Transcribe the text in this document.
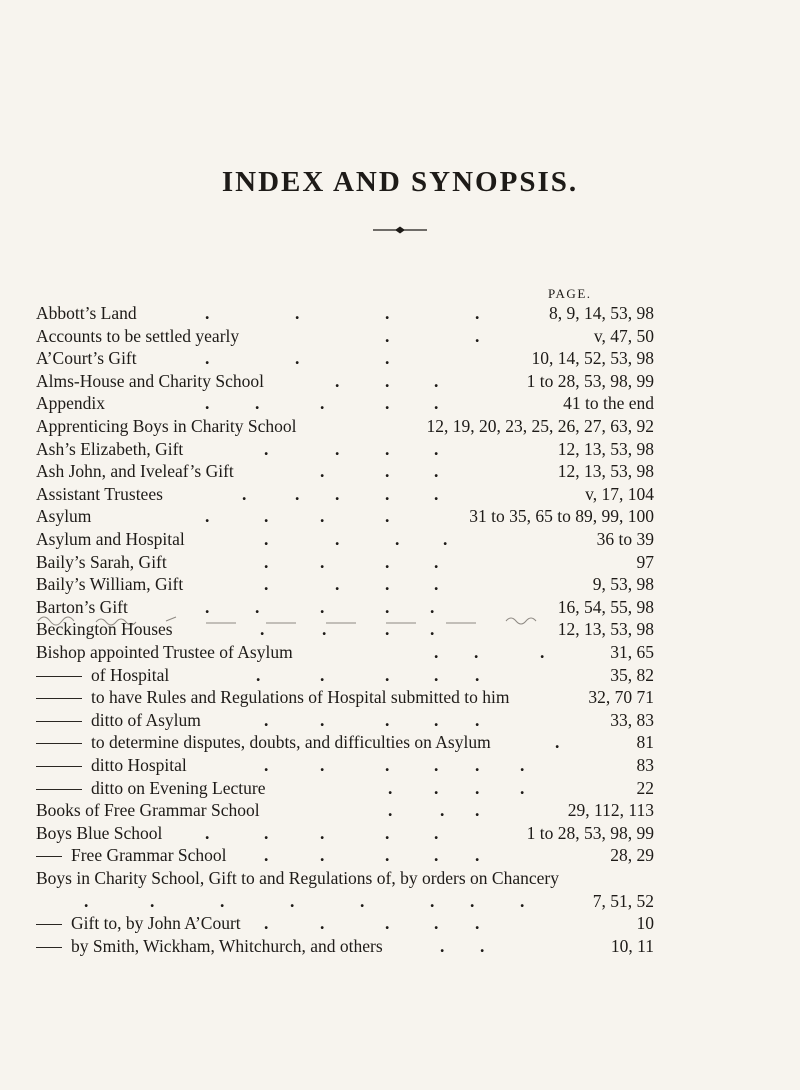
INDEX AND SYNOPSIS.
PAGE.
Abbott’s Land	.	.	.	.	8, 9, 14, 53, 98
Accounts to be settled yearly	.	.	v, 47, 50
A’Court’s Gift	.	.	.	10, 14, 52, 53, 98
Alms-House and Charity School	.	.	.	1 to 28, 53, 98, 99
Appendix	.	.	.	.	.	41 to the end
Apprenticing Boys in Charity School	12, 19, 20, 23, 25, 26, 27, 63, 92
Ash’s Elizabeth, Gift	.	.	.	.	12, 13, 53, 98
Ash John, and Iveleaf’s Gift	.	.	.	12, 13, 53, 98
Assistant Trustees	.	. .	.	.	v, 17, 104
Asylum	.	.	.	.	31 to 35, 65 to 89, 99, 100
Asylum and Hospital	.	.	. .	36 to 39
Baily’s Sarah, Gift	.	.	.	.	97
Baily’s William, Gift	.	.	.	.	9, 53, 98
Barton’s Gift	.	.	.	. .	16, 54, 55, 98
Beckington Houses	.	.	. .	12, 13, 53, 98
Bishop appointed Trustee of Asylum	. .	.	31, 65
of Hospital	.	.	.	. .	35, 82
to have Rules and Regulations of Hospital submitted to him	32, 70 71
ditto of Asylum	.	.	.	. .	33, 83
to determine disputes, doubts, and difficulties on Asylum	.	81
ditto Hospital	.	.	.	. . .	83
ditto on Evening Lecture	. . . .	22
Books of Free Grammar School	.	. .	29, 112, 113
Boys Blue School .	.	.	.	.	1 to 28, 53, 98, 99
Free Grammar School .	.	.	. .	28, 29
Boys in Charity School, Gift to and Regulations of, by orders on Chancery
.	.	.	.	.	. .	.	7, 51, 52
Gift to, by John A’Court .	.	.	. .	10
by Smith, Wickham, Whitchurch, and others	. .	10, 11
